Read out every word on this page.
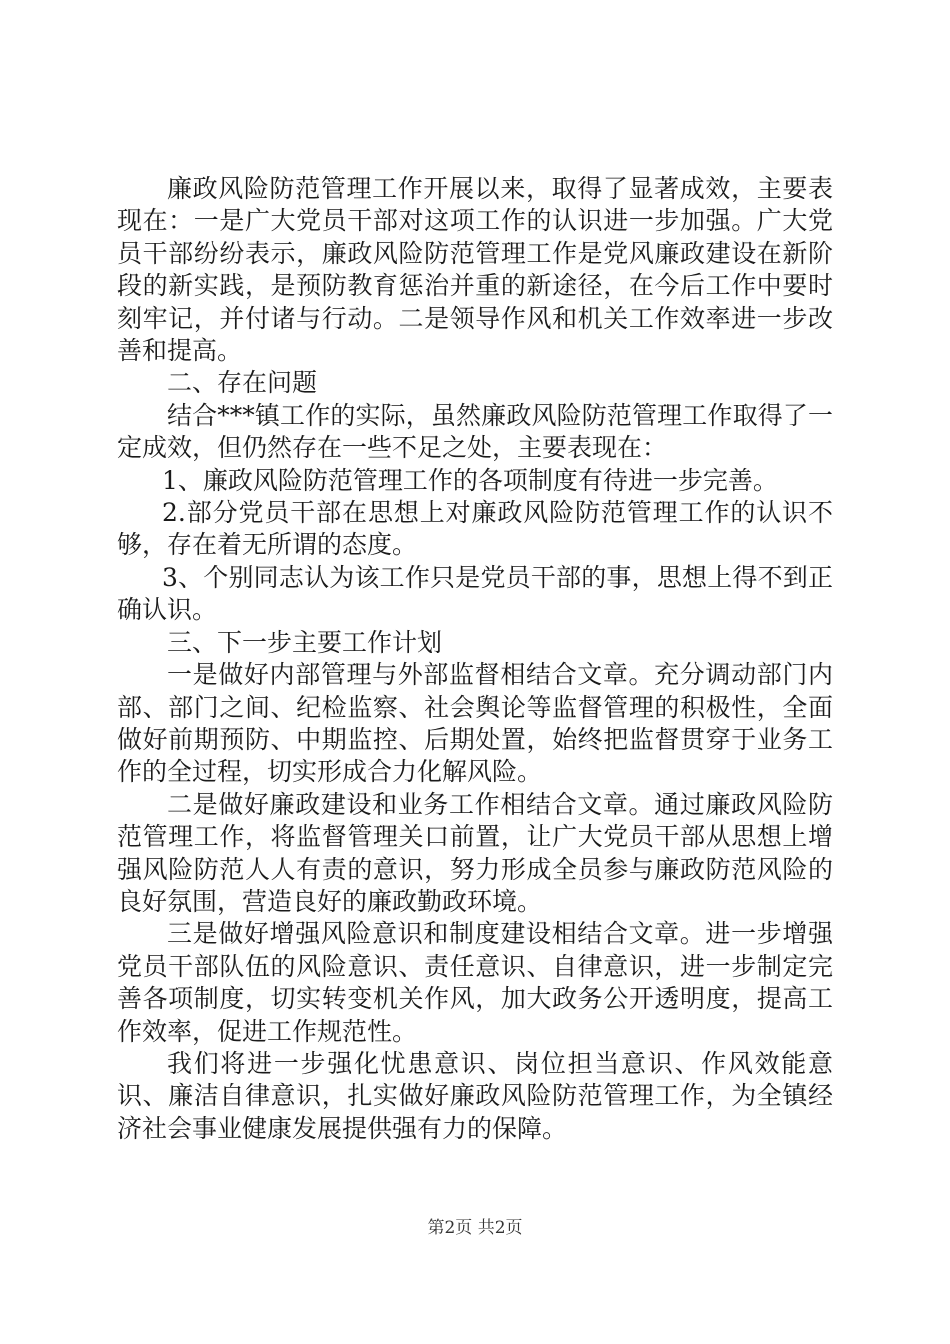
廉政风险防范管理工作开展以来，取得了显著成效，主要表现在：一是广大党员干部对这项工作的认识进一步加强。广大党员干部纷纷表示，廉政风险防范管理工作是党风廉政建设在新阶段的新实践，是预防教育惩治并重的新途径，在今后工作中要时刻牢记，并付诸与行动。二是领导作风和机关工作效率进一步改善和提高。

二、存在问题

结合***镇工作的实际，虽然廉政风险防范管理工作取得了一定成效，但仍然存在一些不足之处，主要表现在：

1、廉政风险防范管理工作的各项制度有待进一步完善。

2.部分党员干部在思想上对廉政风险防范管理工作的认识不够，存在着无所谓的态度。

3、个别同志认为该工作只是党员干部的事，思想上得不到正确认识。

三、下一步主要工作计划

一是做好内部管理与外部监督相结合文章。充分调动部门内部、部门之间、纪检监察、社会舆论等监督管理的积极性，全面做好前期预防、中期监控、后期处置，始终把监督贯穿于业务工作的全过程，切实形成合力化解风险。

二是做好廉政建设和业务工作相结合文章。通过廉政风险防范管理工作，将监督管理关口前置，让广大党员干部从思想上增强风险防范人人有责的意识，努力形成全员参与廉政防范风险的良好氛围，营造良好的廉政勤政环境。

三是做好增强风险意识和制度建设相结合文章。进一步增强党员干部队伍的风险意识、责任意识、自律意识，进一步制定完善各项制度，切实转变机关作风，加大政务公开透明度，提高工作效率，促进工作规范性。

我们将进一步强化忧患意识、岗位担当意识、作风效能意识、廉洁自律意识，扎实做好廉政风险防范管理工作，为全镇经济社会事业健康发展提供强有力的保障。

第2页 共2页
